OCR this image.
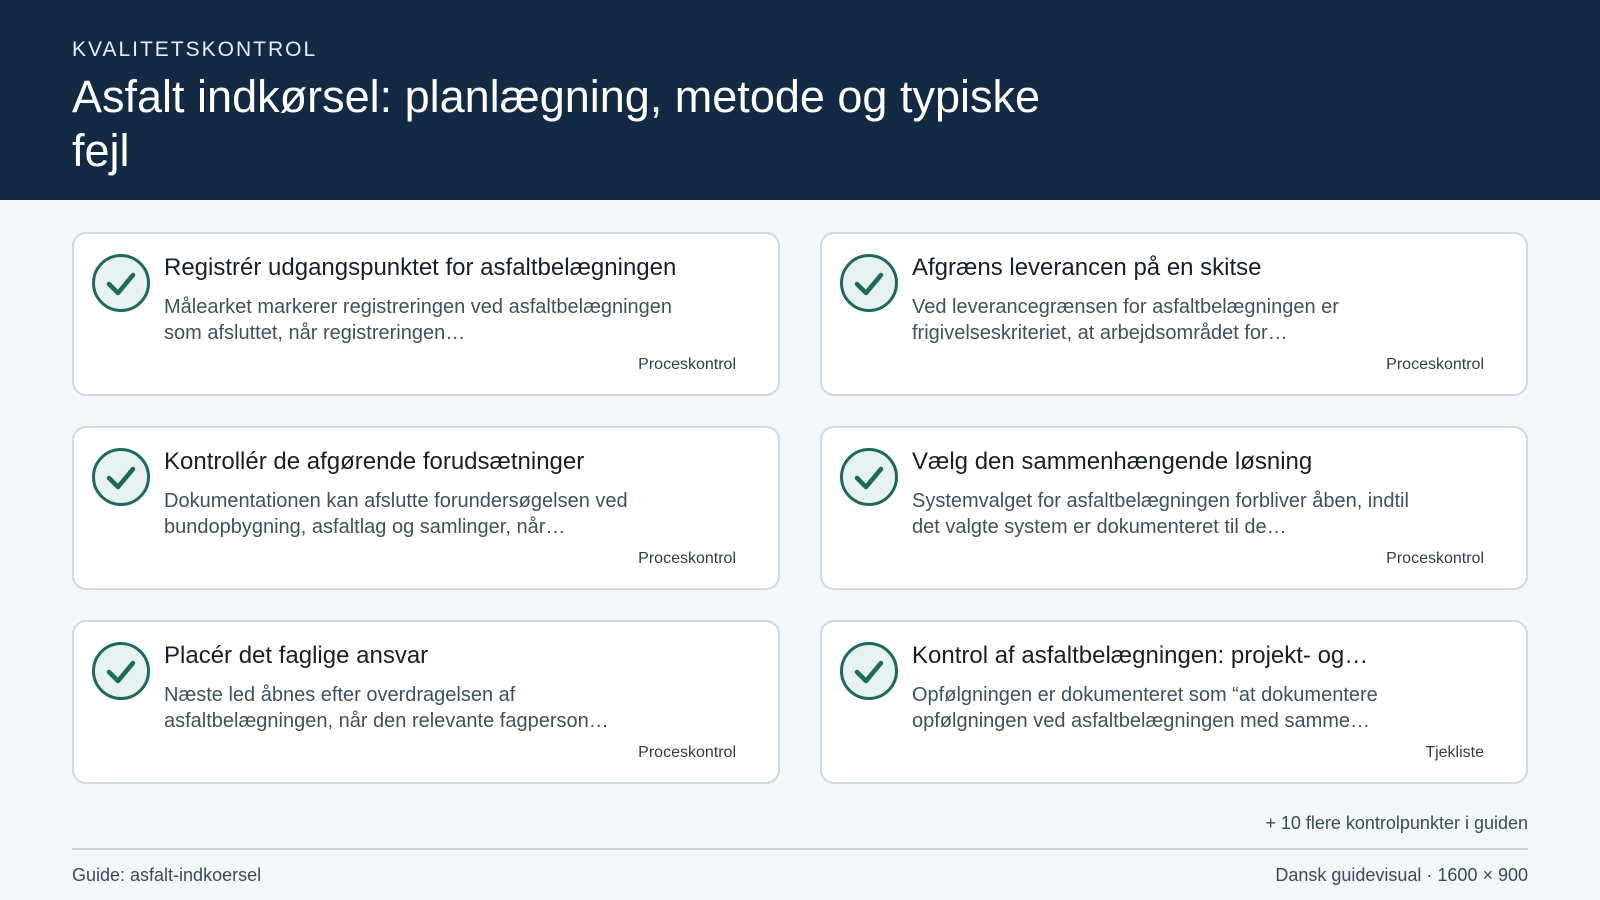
KVALITETSKONTROL
Asfalt indkørsel: planlægning, metode og typiske fejl
Registrér udgangspunktet for asfaltbelægningen
Målearket markerer registreringen ved asfaltbelægningen som afsluttet, når registreringen…
Proceskontrol
Afgræns leverancen på en skitse
Ved leverancegrænsen for asfaltbelægningen er frigivelseskriteriet, at arbejdsområdet for…
Proceskontrol
Kontrollér de afgørende forudsætninger
Dokumentationen kan afslutte forundersøgelsen ved bundopbygning, asfaltlag og samlinger, når…
Proceskontrol
Vælg den sammenhængende løsning
Systemvalget for asfaltbelægningen forbliver åben, indtil det valgte system er dokumenteret til de…
Proceskontrol
Placér det faglige ansvar
Næste led åbnes efter overdragelsen af asfaltbelægningen, når den relevante fagperson…
Proceskontrol
Kontrol af asfaltbelægningen: projekt- og…
Opfølgningen er dokumenteret som “at dokumentere opfølgningen ved asfaltbelægningen med samme…
Tjekliste
+ 10 flere kontrolpunkter i guiden
Guide: asfalt-indkoersel	Dansk guidevisual · 1600 × 900
